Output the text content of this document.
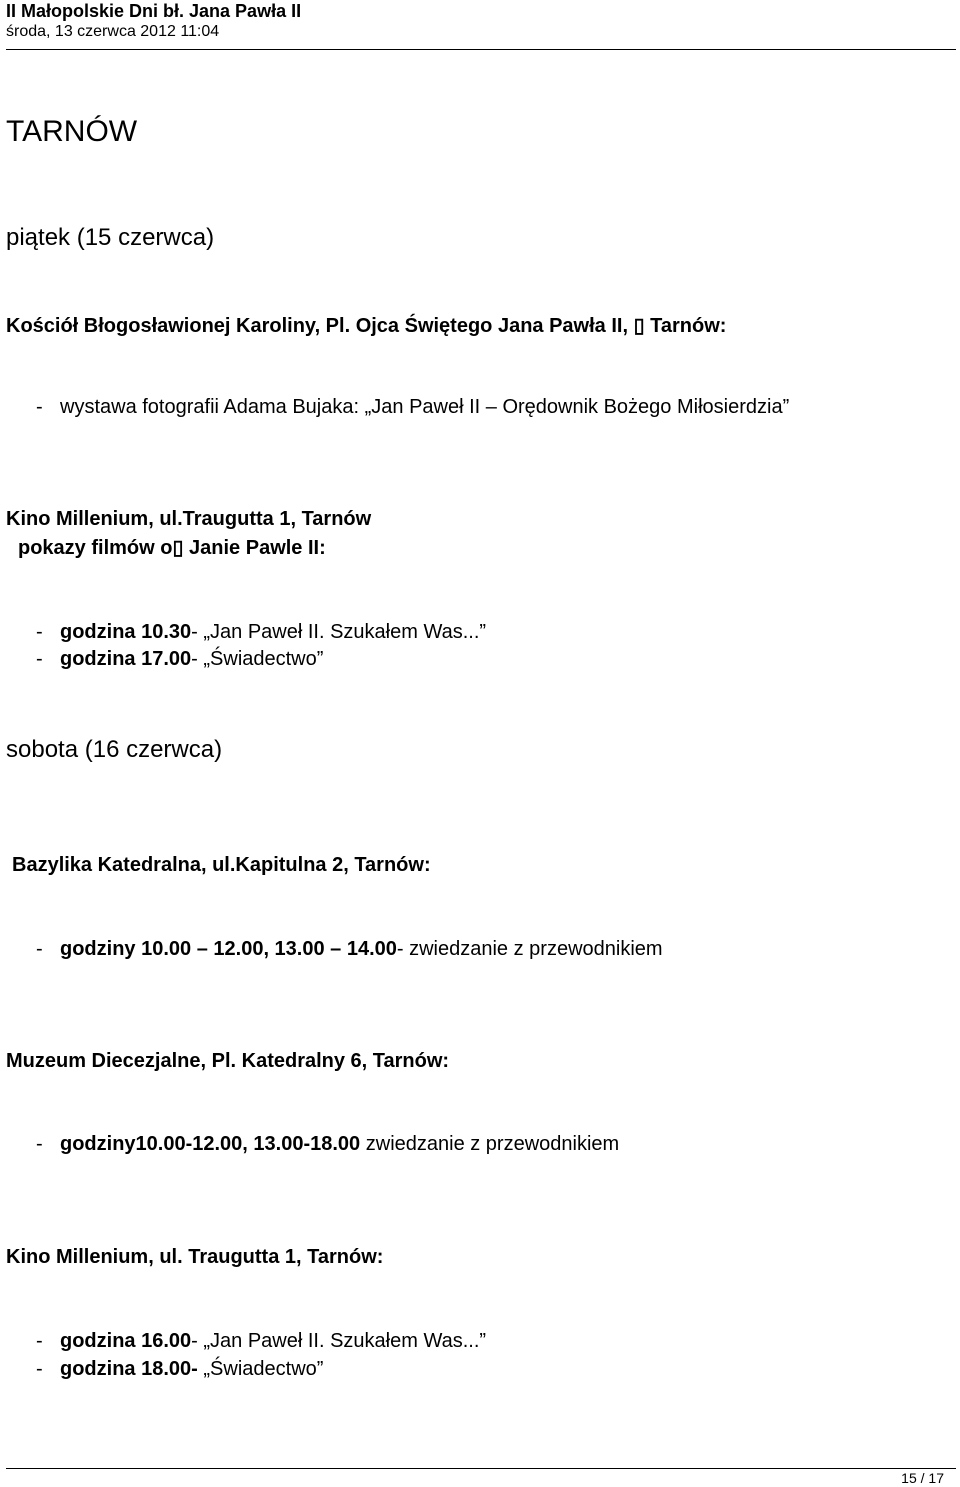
II Małopolskie Dni bł. Jana Pawła II
środa, 13 czerwca 2012 11:04
TARNÓW
piątek (15 czerwca)
Kościół Błogosławionej Karoliny, Pl. Ojca Świętego Jana Pawła II, ▯ Tarnów:
- wystawa fotografii Adama Bujaka: „Jan Paweł II – Orędownik Bożego Miłosierdzia”
Kino Millenium, ul.Traugutta 1, Tarnów
pokazy filmów o▯ Janie Pawle II:
- godzina 10.30- „Jan Paweł II. Szukałem Was...”
- godzina 17.00- „Świadectwo”
sobota (16 czerwca)
Bazylika Katedralna, ul.Kapitulna 2, Tarnów:
- godziny 10.00 – 12.00, 13.00 – 14.00- zwiedzanie z przewodnikiem
Muzeum Diecezjalne, Pl. Katedralny 6, Tarnów:
- godziny10.00-12.00, 13.00-18.00 zwiedzanie z przewodnikiem
Kino Millenium, ul. Traugutta 1, Tarnów:
- godzina 16.00- „Jan Paweł II. Szukałem Was...”
- godzina 18.00- „Świadectwo”
15 / 17
